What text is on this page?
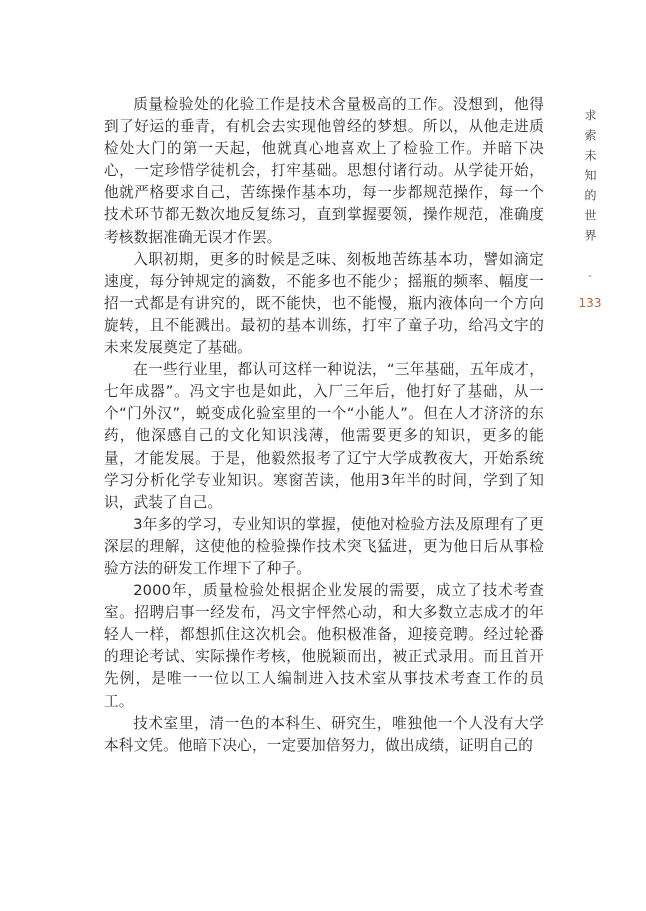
质量检验处的化验工作是技术含量极高的工作。没想到，他得到了好运的垂青，有机会去实现他曾经的梦想。所以，从他走进质检处大门的第一天起，他就真心地喜欢上了检验工作。并暗下决心，一定珍惜学徒机会，打牢基础。思想付诸行动。从学徒开始，他就严格要求自己，苦练操作基本功，每一步都规范操作，每一个技术环节都无数次地反复练习，直到掌握要领，操作规范，准确度考核数据准确无误才作罢。

入职初期，更多的时候是乏味、刻板地苦练基本功，譬如滴定速度，每分钟规定的滴数，不能多也不能少；摇瓶的频率、幅度一招一式都是有讲究的，既不能快，也不能慢，瓶内液体向一个方向旋转，且不能溅出。最初的基本训练，打牢了童子功，给冯文宇的未来发展奠定了基础。

在一些行业里，都认可这样一种说法，“三年基础，五年成才，七年成器”。冯文宇也是如此，入厂三年后，他打好了基础，从一个“门外汉”，蜕变成化验室里的一个“小能人”。但在人才济济的东药，他深感自己的文化知识浅薄，他需要更多的知识，更多的能量，才能发展。于是，他毅然报考了辽宁大学成教夜大，开始系统学习分析化学专业知识。寒窗苦读，他用3年半的时间，学到了知识，武装了自己。

3年多的学习，专业知识的掌握，使他对检验方法及原理有了更深层的理解，这使他的检验操作技术突飞猛进，更为他日后从事检验方法的研发工作埋下了种子。

2000年，质量检验处根据企业发展的需要，成立了技术考查室。招聘启事一经发布，冯文宇怦然心动，和大多数立志成才的年轻人一样，都想抓住这次机会。他积极准备，迎接竞聘。经过轮番的理论考试、实际操作考核，他脱颖而出，被正式录用。而且首开先例，是唯一一位以工人编制进入技术室从事技术考查工作的员工。

技术室里，清一色的本科生、研究生，唯独他一个人没有大学本科文凭。他暗下决心，一定要加倍努力，做出成绩，证明自己的

求索未知的世界
-
133
